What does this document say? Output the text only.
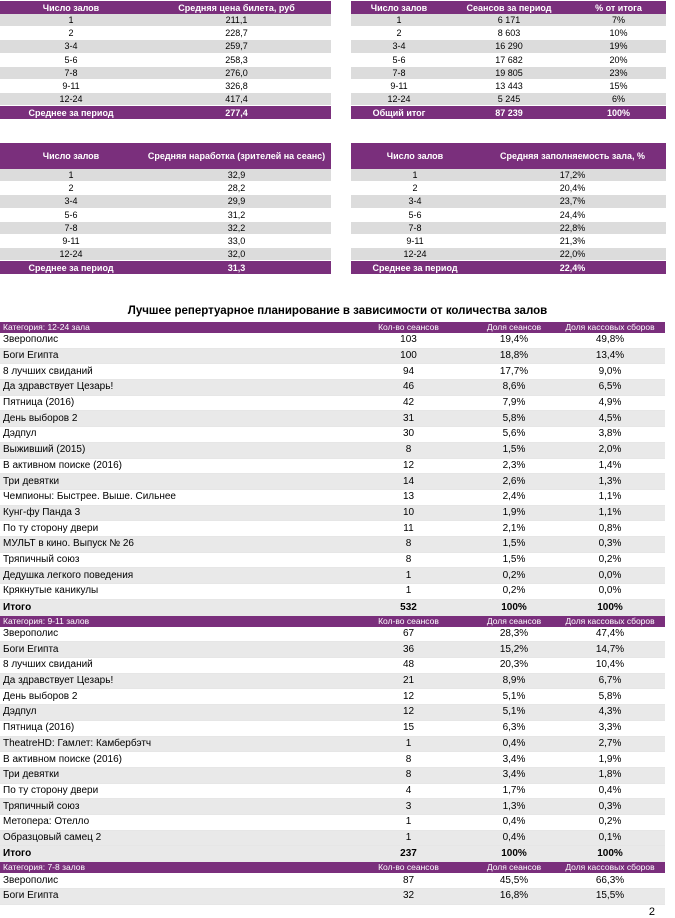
Число залов	Средняя цена билета, руб
1	211,1
2	228,7
3-4	259,7
5-6	258,3
7-8	276,0
9-11	326,8
12-24	417,4
Среднее за период	277,4
Число залов	Сеансов за период	% от итога
1	6 171	7%
2	8 603	10%
3-4	16 290	19%
5-6	17 682	20%
7-8	19 805	23%
9-11	13 443	15%
12-24	5 245	6%
Общий итог	87 239	100%
Число залов	Средняя наработка (зрителей на сеанс)
1	32,9
2	28,2
3-4	29,9
5-6	31,2
7-8	32,2
9-11	33,0
12-24	32,0
Среднее за период	31,3
Число залов	Средняя заполняемость зала, %
1	17,2%
2	20,4%
3-4	23,7%
5-6	24,4%
7-8	22,8%
9-11	21,3%
12-24	22,0%
Среднее за период	22,4%
Лучшее репертуарное планирование в зависимости от количества залов
Категория: 12-24 зала	Кол-во сеансов	Доля сеансов	Доля кассовых сборов
Зверополис	103	19,4%	49,8%
Боги Египта	100	18,8%	13,4%
8 лучших свиданий	94	17,7%	9,0%
Да здравствует Цезарь!	46	8,6%	6,5%
Пятница (2016)	42	7,9%	4,9%
День выборов 2	31	5,8%	4,5%
Дэдпул	30	5,6%	3,8%
Выживший (2015)	8	1,5%	2,0%
В активном поиске (2016)	12	2,3%	1,4%
Три девятки	14	2,6%	1,3%
Чемпионы: Быстрее. Выше. Сильнее	13	2,4%	1,1%
Кунг-фу Панда 3	10	1,9%	1,1%
По ту сторону двери	11	2,1%	0,8%
МУЛЬТ в кино. Выпуск № 26	8	1,5%	0,3%
Тряпичный союз	8	1,5%	0,2%
Дедушка легкого поведения	1	0,2%	0,0%
Крякнутые каникулы	1	0,2%	0,0%
Итого	532	100%	100%
Категория: 9-11 залов	Кол-во сеансов	Доля сеансов	Доля кассовых сборов
Зверополис	67	28,3%	47,4%
Боги Египта	36	15,2%	14,7%
8 лучших свиданий	48	20,3%	10,4%
Да здравствует Цезарь!	21	8,9%	6,7%
День выборов 2	12	5,1%	5,8%
Дэдпул	12	5,1%	4,3%
Пятница (2016)	15	6,3%	3,3%
TheatreHD: Гамлет: Камбербэтч	1	0,4%	2,7%
В активном поиске (2016)	8	3,4%	1,9%
Три девятки	8	3,4%	1,8%
По ту сторону двери	4	1,7%	0,4%
Тряпичный союз	3	1,3%	0,3%
Метопера: Отелло	1	0,4%	0,2%
Образцовый самец 2	1	0,4%	0,1%
Итого	237	100%	100%
Категория: 7-8 залов	Кол-во сеансов	Доля сеансов	Доля кассовых сборов
Зверополис	87	45,5%	66,3%
Боги Египта	32	16,8%	15,5%
2
